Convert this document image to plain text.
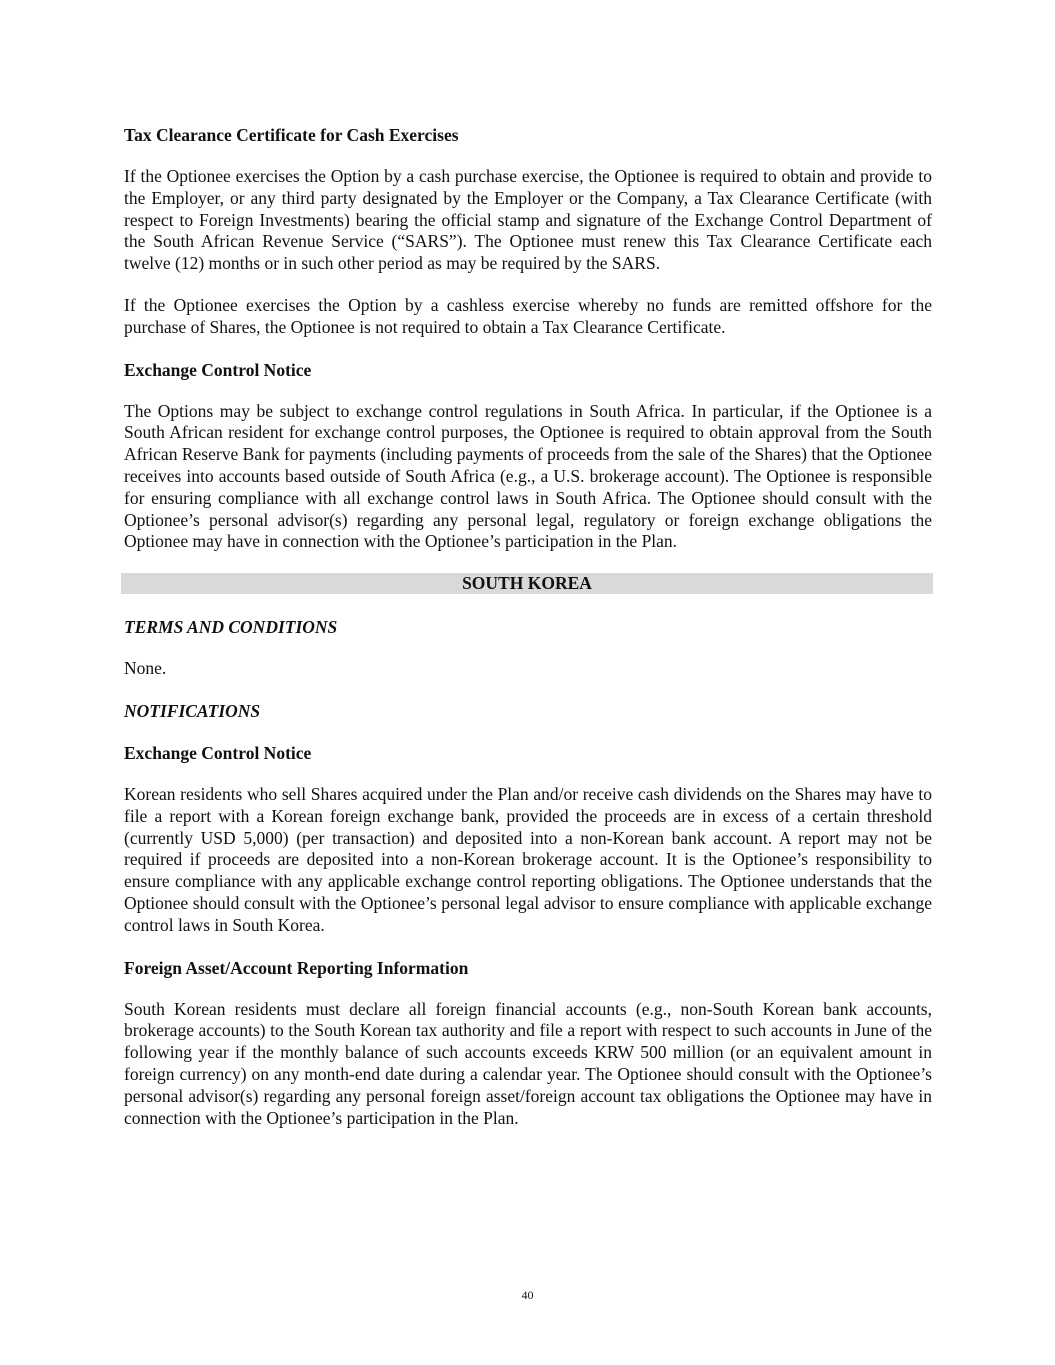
Tax Clearance Certificate for Cash Exercises

If the Optionee exercises the Option by a cash purchase exercise, the Optionee is required to obtain and provide to the Employer, or any third party designated by the Employer or the Company, a Tax Clearance Certificate (with respect to Foreign Investments) bearing the official stamp and signature of the Exchange Control Department of the South African Revenue Service (“SARS”). The Optionee must renew this Tax Clearance Certificate each twelve (12) months or in such other period as may be required by the SARS.

If the Optionee exercises the Option by a cashless exercise whereby no funds are remitted offshore for the purchase of Shares, the Optionee is not required to obtain a Tax Clearance Certificate.

Exchange Control Notice

The Options may be subject to exchange control regulations in South Africa. In particular, if the Optionee is a South African resident for exchange control purposes, the Optionee is required to obtain approval from the South African Reserve Bank for payments (including payments of proceeds from the sale of the Shares) that the Optionee receives into accounts based outside of South Africa (e.g., a U.S. brokerage account). The Optionee is responsible for ensuring compliance with all exchange control laws in South Africa. The Optionee should consult with the Optionee’s personal advisor(s) regarding any personal legal, regulatory or foreign exchange obligations the Optionee may have in connection with the Optionee’s participation in the Plan.

SOUTH KOREA
TERMS AND CONDITIONS

None.

NOTIFICATIONS
Exchange Control Notice

Korean residents who sell Shares acquired under the Plan and/or receive cash dividends on the Shares may have to file a report with a Korean foreign exchange bank, provided the proceeds are in excess of a certain threshold (currently USD 5,000) (per transaction) and deposited into a non-Korean bank account. A report may not be required if proceeds are deposited into a non-Korean brokerage account. It is the Optionee’s responsibility to ensure compliance with any applicable exchange control reporting obligations. The Optionee understands that the Optionee should consult with the Optionee’s personal legal advisor to ensure compliance with applicable exchange control laws in South Korea.

Foreign Asset/Account Reporting Information

South Korean residents must declare all foreign financial accounts (e.g., non-South Korean bank accounts, brokerage accounts) to the South Korean tax authority and file a report with respect to such accounts in June of the following year if the monthly balance of such accounts exceeds KRW 500 million (or an equivalent amount in foreign currency) on any month-end date during a calendar year. The Optionee should consult with the Optionee’s personal advisor(s) regarding any personal foreign asset/foreign account tax obligations the Optionee may have in connection with the Optionee’s participation in the Plan.

40
